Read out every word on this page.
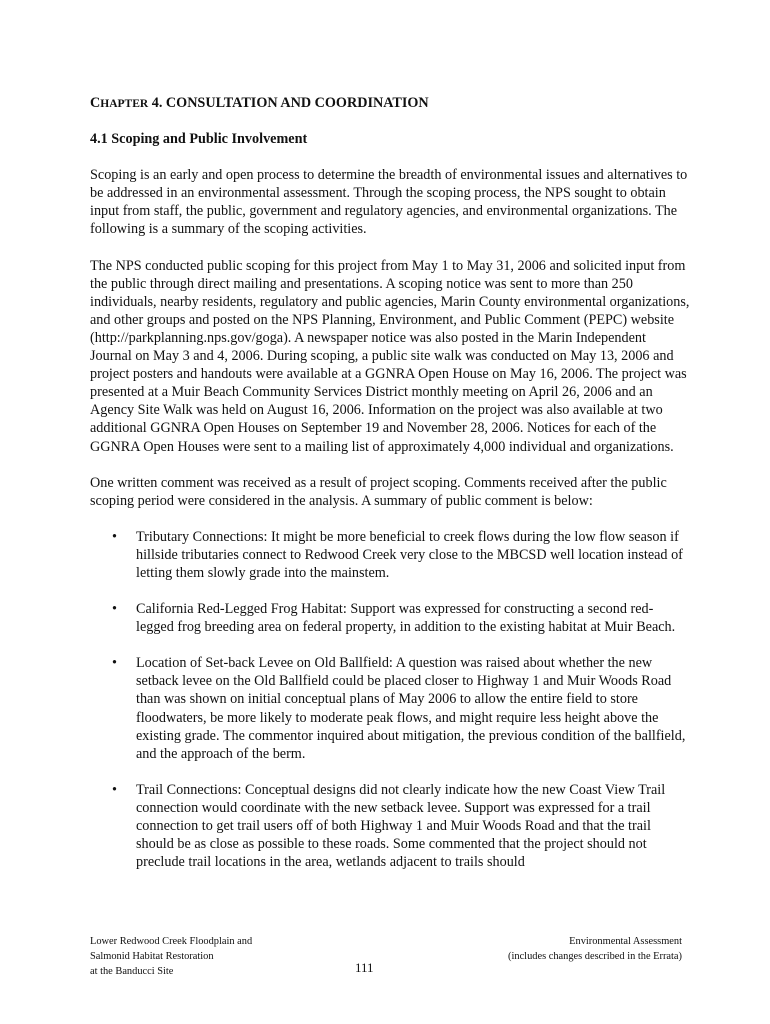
CHAPTER 4. CONSULTATION AND COORDINATION
4.1 Scoping and Public Involvement

Scoping is an early and open process to determine the breadth of environmental issues and alternatives to be addressed in an environmental assessment. Through the scoping process, the NPS sought to obtain input from staff, the public, government and regulatory agencies, and environmental organizations. The following is a summary of the scoping activities.

The NPS conducted public scoping for this project from May 1 to May 31, 2006 and solicited input from the public through direct mailing and presentations. A scoping notice was sent to more than 250 individuals, nearby residents, regulatory and public agencies, Marin County environmental organizations, and other groups and posted on the NPS Planning, Environment, and Public Comment (PEPC) website (http://parkplanning.nps.gov/goga). A newspaper notice was also posted in the Marin Independent Journal on May 3 and 4, 2006. During scoping, a public site walk was conducted on May 13, 2006 and project posters and handouts were available at a GGNRA Open House on May 16, 2006. The project was presented at a Muir Beach Community Services District monthly meeting on April 26, 2006 and an Agency Site Walk was held on August 16, 2006. Information on the project was also available at two additional GGNRA Open Houses on September 19 and November 28, 2006. Notices for each of the GGNRA Open Houses were sent to a mailing list of approximately 4,000 individual and organizations.

One written comment was received as a result of project scoping. Comments received after the public scoping period were considered in the analysis. A summary of public comment is below:

• Tributary Connections: It might be more beneficial to creek flows during the low flow season if hillside tributaries connect to Redwood Creek very close to the MBCSD well location instead of letting them slowly grade into the mainstem.
• California Red-Legged Frog Habitat: Support was expressed for constructing a second red-legged frog breeding area on federal property, in addition to the existing habitat at Muir Beach.
• Location of Set-back Levee on Old Ballfield: A question was raised about whether the new setback levee on the Old Ballfield could be placed closer to Highway 1 and Muir Woods Road than was shown on initial conceptual plans of May 2006 to allow the entire field to store floodwaters, be more likely to moderate peak flows, and might require less height above the existing grade. The commentor inquired about mitigation, the previous condition of the ballfield, and the approach of the berm.
• Trail Connections: Conceptual designs did not clearly indicate how the new Coast View Trail connection would coordinate with the new setback levee. Support was expressed for a trail connection to get trail users off of both Highway 1 and Muir Woods Road and that the trail should be as close as possible to these roads. Some commented that the project should not preclude trail locations in the area, wetlands adjacent to trails should
Lower Redwood Creek Floodplain and
Salmonid Habitat Restoration
at the Banducci Site
Environmental Assessment
(includes changes described in the Errata)
111
